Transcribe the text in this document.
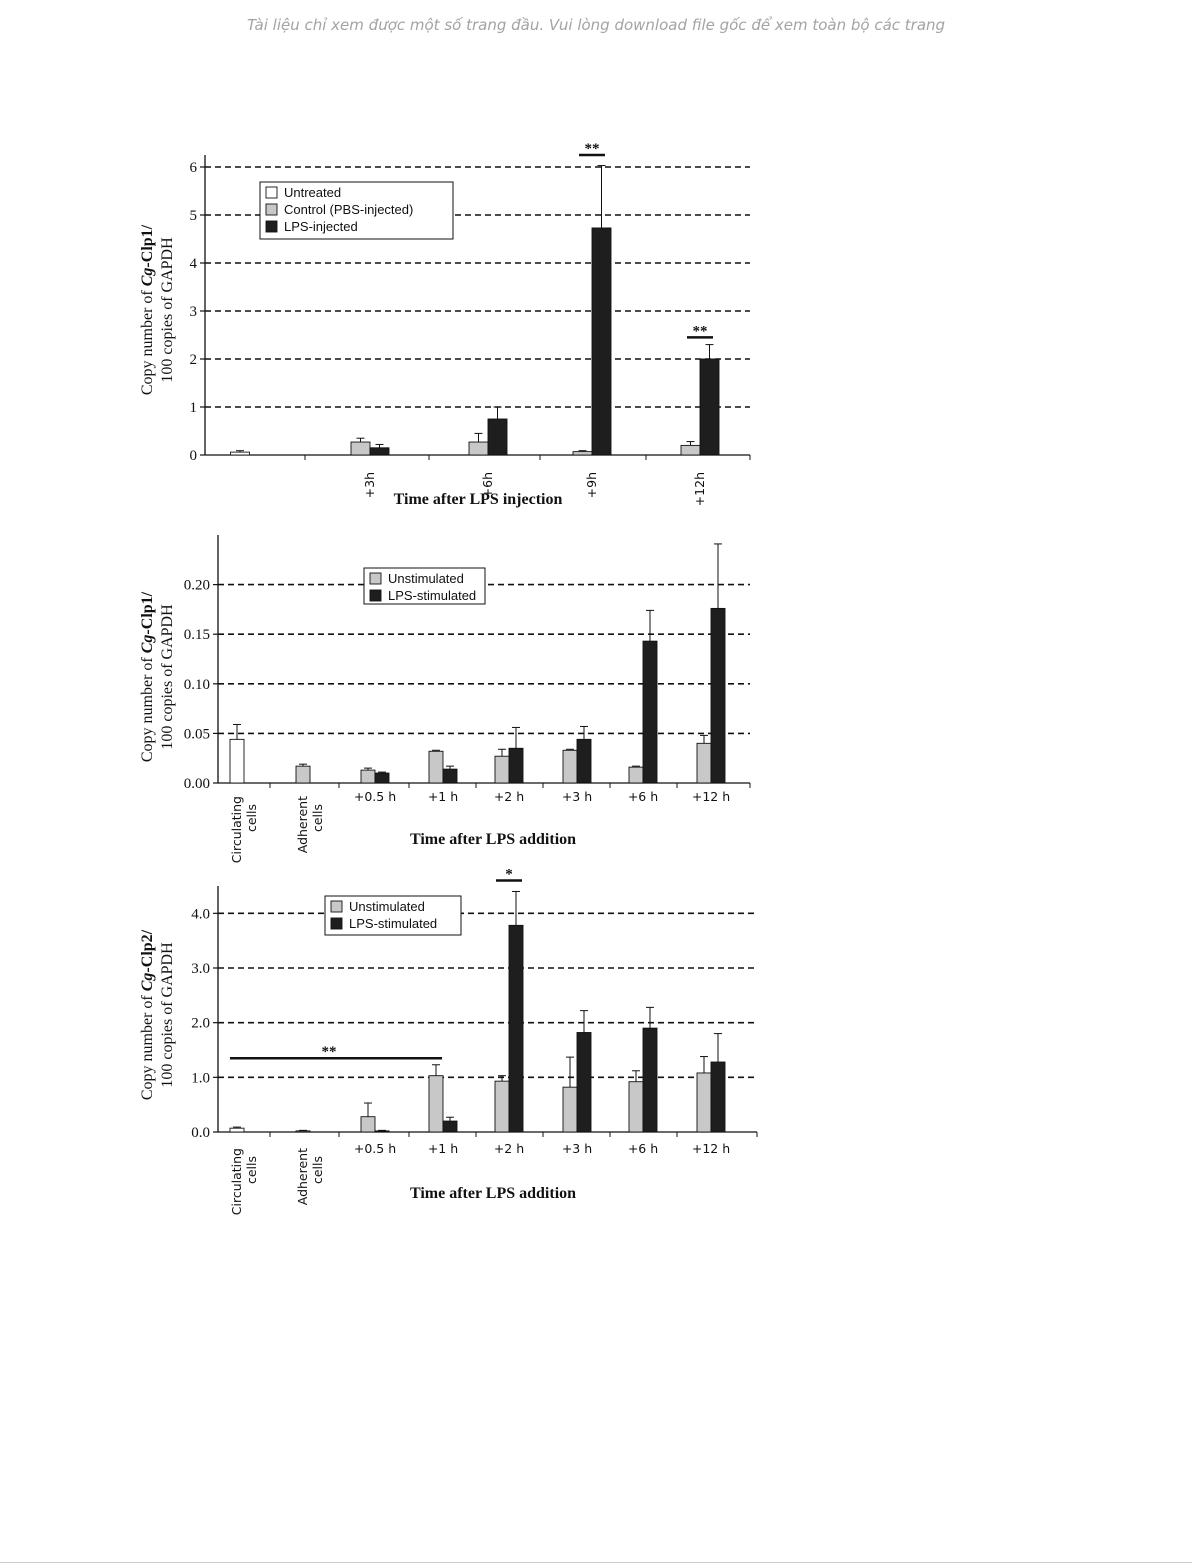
Tài liệu chỉ xem được một số trang đầu. Vui lòng download file gốc để xem toàn bộ các trang
0
1
2
3
4
5
6
+3h	+6h	+9h	+12h
Untreated
Control (PBS-injected)
LPS-injected
**
**
Copy number of Cg-Clp1/ 100 copies of GAPDH
Time after LPS injection
0.00
0.05
0.10
0.15
0.20
Circulatingcells	Adherentcells
+0.5 h	+1 h	+2 h	+3 h	+6 h	+12 h
Unstimulated
LPS-stimulated
Copy number of Cg-Clp1/ 100 copies of GAPDH
Time after LPS addition
0.0
1.0
2.0
3.0
4.0
Circulatingcells	Adherentcells
+0.5 h	+1 h	+2 h	+3 h	+6 h	+12 h
Unstimulated
LPS-stimulated
*
**
Copy number of Cg-Clp2/ 100 copies of GAPDH
Time after LPS addition
